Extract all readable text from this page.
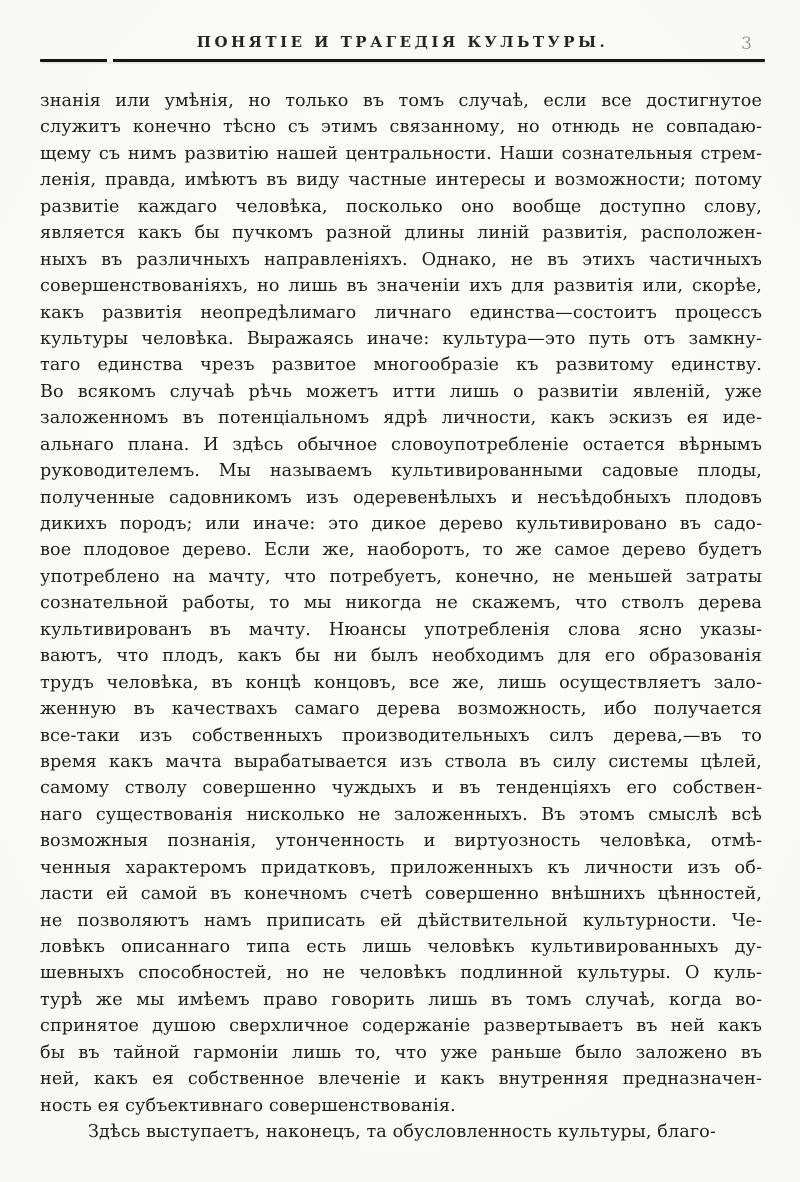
ПОНЯТІЕ И ТРАГЕДІЯ КУЛЬТУРЫ.	3
знанія или умѣнія, но только въ томъ случаѣ, если все достигнутое
служитъ конечно тѣсно съ этимъ связанному, но отнюдь не совпадаю-
щему съ нимъ развитію нашей центральности. Наши сознательныя стрем-
ленія, правда, имѣютъ въ виду частные интересы и возможности; потому
развитіе каждаго человѣка, посколько оно вообще доступно слову,
является какъ бы пучкомъ разной длины линій развитія, расположен-
ныхъ въ различныхъ направленіяхъ. Однако, не въ этихъ частичныхъ
совершенствованіяхъ, но лишь въ значеніи ихъ для развитія или, скорѣе,
какъ развитія неопредѣлимаго личнаго единства—состоитъ процессъ
культуры человѣка. Выражаясь иначе: культура—это путь отъ замкну-
таго единства чрезъ развитое многообразіе къ развитому единству.
Во всякомъ случаѣ рѣчь можетъ итти лишь о развитіи явленій, уже
заложенномъ въ потенціальномъ ядрѣ личности, какъ эскизъ ея иде-
альнаго плана. И здѣсь обычное словоупотребленіе остается вѣрнымъ
руководителемъ. Мы называемъ культивированными садовые плоды,
полученные садовникомъ изъ одеревенѣлыхъ и несъѣдобныхъ плодовъ
дикихъ породъ; или иначе: это дикое дерево культивировано въ садо-
вое плодовое дерево. Если же, наоборотъ, то же самое дерево будетъ
употреблено на мачту, что потребуетъ, конечно, не меньшей затраты
сознательной работы, то мы никогда не скажемъ, что стволъ дерева
культивированъ въ мачту. Нюансы употребленія слова ясно указы-
ваютъ, что плодъ, какъ бы ни былъ необходимъ для его образованія
трудъ человѣка, въ концѣ концовъ, все же, лишь осуществляетъ зало-
женную въ качествахъ самаго дерева возможность, ибо получается
все-таки изъ собственныхъ производительныхъ силъ дерева,—въ то
время какъ мачта вырабатывается изъ ствола въ силу системы цѣлей,
самому стволу совершенно чуждыхъ и въ тенденціяхъ его собствен-
наго существованія нисколько не заложенныхъ. Въ этомъ смыслѣ всѣ
возможныя познанія, утонченность и виртуозность человѣка, отмѣ-
ченныя характеромъ придатковъ, приложенныхъ къ личности изъ об-
ласти ей самой въ конечномъ счетѣ совершенно внѣшнихъ цѣнностей,
не позволяютъ намъ приписать ей дѣйствительной культурности. Че-
ловѣкъ описаннаго типа есть лишь человѣкъ культивированныхъ ду-
шевныхъ способностей, но не человѣкъ подлинной культуры. О куль-
турѣ же мы имѣемъ право говорить лишь въ томъ случаѣ, когда во-
спринятое душою сверхличное содержаніе развертываетъ въ ней какъ
бы въ тайной гармоніи лишь то, что уже раньше было заложено въ
ней, какъ ея собственное влеченіе и какъ внутренняя предназначен-
ность ея субъективнаго совершенствованія.
Здѣсь выступаетъ, наконецъ, та обусловленность культуры, благо-
